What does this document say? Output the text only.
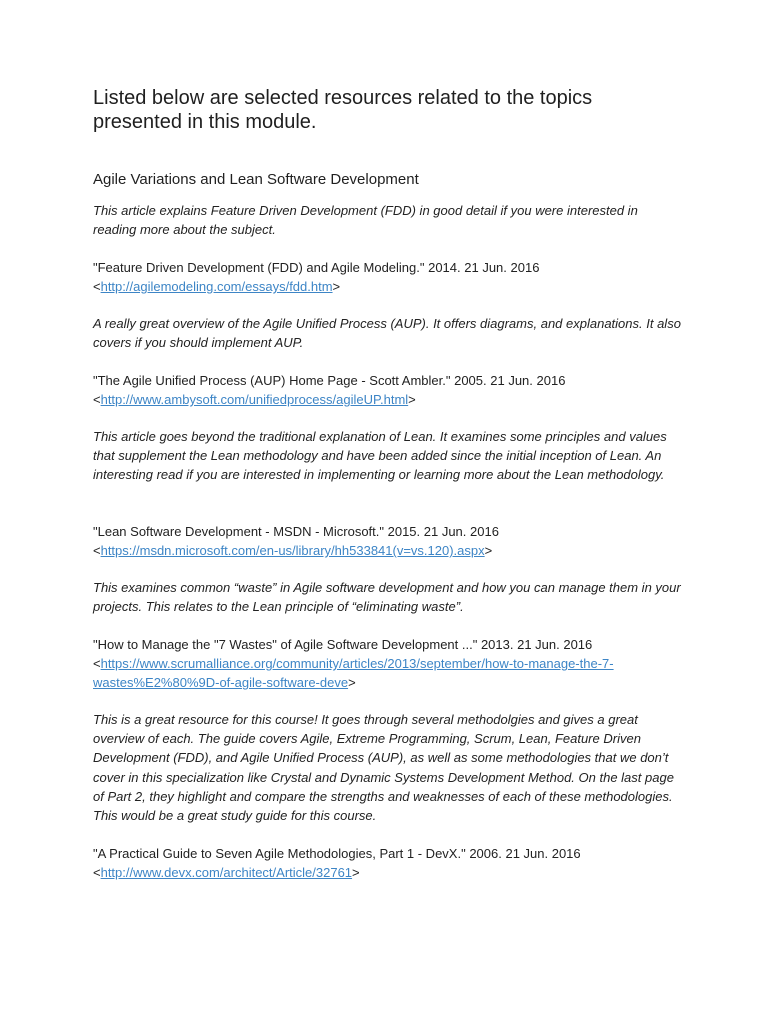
Listed below are selected resources related to the topics presented in this module.
Agile Variations and Lean Software Development

This article explains Feature Driven Development (FDD) in good detail if you were interested in reading more about the subject.

"Feature Driven Development (FDD) and Agile Modeling." 2014. 21 Jun. 2016
<http://agilemodeling.com/essays/fdd.htm>

A really great overview of the Agile Unified Process (AUP). It offers diagrams, and explanations. It also covers if you should implement AUP.

"The Agile Unified Process (AUP) Home Page - Scott Ambler." 2005. 21 Jun. 2016
<http://www.ambysoft.com/unifiedprocess/agileUP.html>

This article goes beyond the traditional explanation of Lean. It examines some principles and values that supplement the Lean methodology and have been added since the initial inception of Lean. An interesting read if you are interested in implementing or learning more about the Lean methodology.

"Lean Software Development - MSDN - Microsoft." 2015. 21 Jun. 2016
<https://msdn.microsoft.com/en-us/library/hh533841(v=vs.120).aspx>

This examines common “waste” in Agile software development and how you can manage them in your projects. This relates to the Lean principle of “eliminating waste”.

"How to Manage the "7 Wastes" of Agile Software Development ..." 2013. 21 Jun. 2016
<https://www.scrumalliance.org/community/articles/2013/september/how-to-manage-the-7-wastes%E2%80%9D-of-agile-software-deve>

This is a great resource for this course! It goes through several methodolgies and gives a great overview of each. The guide covers Agile, Extreme Programming, Scrum, Lean, Feature Driven Development (FDD), and Agile Unified Process (AUP), as well as some methodologies that we don’t cover in this specialization like Crystal and Dynamic Systems Development Method. On the last page of Part 2, they highlight and compare the strengths and weaknesses of each of these methodologies. This would be a great study guide for this course.

"A Practical Guide to Seven Agile Methodologies, Part 1 - DevX." 2006. 21 Jun. 2016
<http://www.devx.com/architect/Article/32761>
